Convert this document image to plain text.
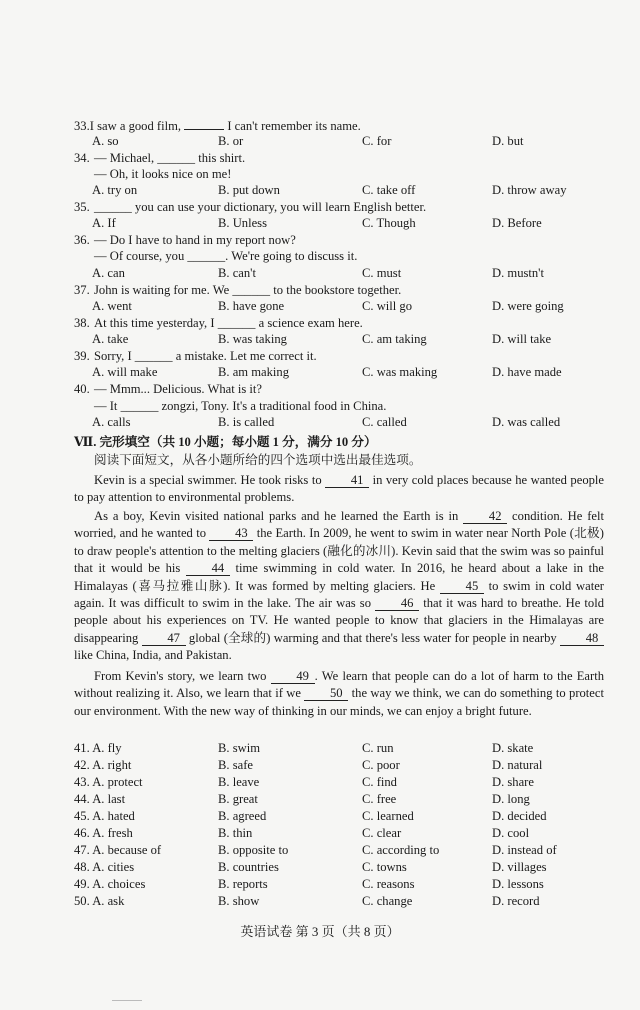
33.I saw a good film,	I can't remember its name.
A. so	B. or	C. for	D. but
34. — Michael, ______ this shirt.
— Oh, it looks nice on me!
A. try on	B. put down	C. take off	D. throw away
35. ______ you can use your dictionary, you will learn English better.
A. If	B. Unless	C. Though	D. Before
36. — Do I have to hand in my report now?
— Of course, you ______. We're going to discuss it.
A. can	B. can't	C. must	D. mustn't
37. John is waiting for me. We ______ to the bookstore together.
A. went	B. have gone	C. will go	D. were going
38. At this time yesterday, I ______ a science exam here.
A. take	B. was taking	C. am taking	D. will take
39. Sorry, I ______ a mistake. Let me correct it.
A. will make	B. am making	C. was making	D. have made
40. — Mmm... Delicious. What is it?
— It ______ zongzi, Tony. It's a traditional food in China.
A. calls	B. is called	C. called	D. was called
Ⅶ. 完形填空（共 10 小题；每小题 1 分，满分 10 分）
阅读下面短文，从各小题所给的四个选项中选出最佳选项。
Kevin is a special swimmer. He took risks to 41 in very cold places because he wanted people to pay attention to environmental problems.
As a boy, Kevin visited national parks and he learned the Earth is in 42 condition. He felt worried, and he wanted to 43 the Earth. In 2009, he went to swim in water near North Pole (北极) to draw people's attention to the melting glaciers (融化的冰川). Kevin said that the swim was so painful that it would be his 44 time swimming in cold water. In 2016, he heard about a lake in the Himalayas (喜马拉雅山脉). It was formed by melting glaciers. He 45 to swim in cold water again. It was difficult to swim in the lake. The air was so 46 that it was hard to breathe. He told people about his experiences on TV. He wanted people to know that glaciers in the Himalayas are disappearing 47 global (全球的) warming and that there's less water for people in nearby 48 like China, India, and Pakistan.
From Kevin's story, we learn two 49 . We learn that people can do a lot of harm to the Earth without realizing it. Also, we learn that if we 50 the way we think, we can do something to protect our environment. With the new way of thinking in our minds, we can enjoy a bright future.
41. A. fly	B. swim	C. run	D. skate
42. A. right	B. safe	C. poor	D. natural
43. A. protect	B. leave	C. find	D. share
44. A. last	B. great	C. free	D. long
45. A. hated	B. agreed	C. learned	D. decided
46. A. fresh	B. thin	C. clear	D. cool
47. A. because of	B. opposite to	C. according to	D. instead of
48. A. cities	B. countries	C. towns	D. villages
49. A. choices	B. reports	C. reasons	D. lessons
50. A. ask	B. show	C. change	D. record
英语试卷 第 3 页（共 8 页）
